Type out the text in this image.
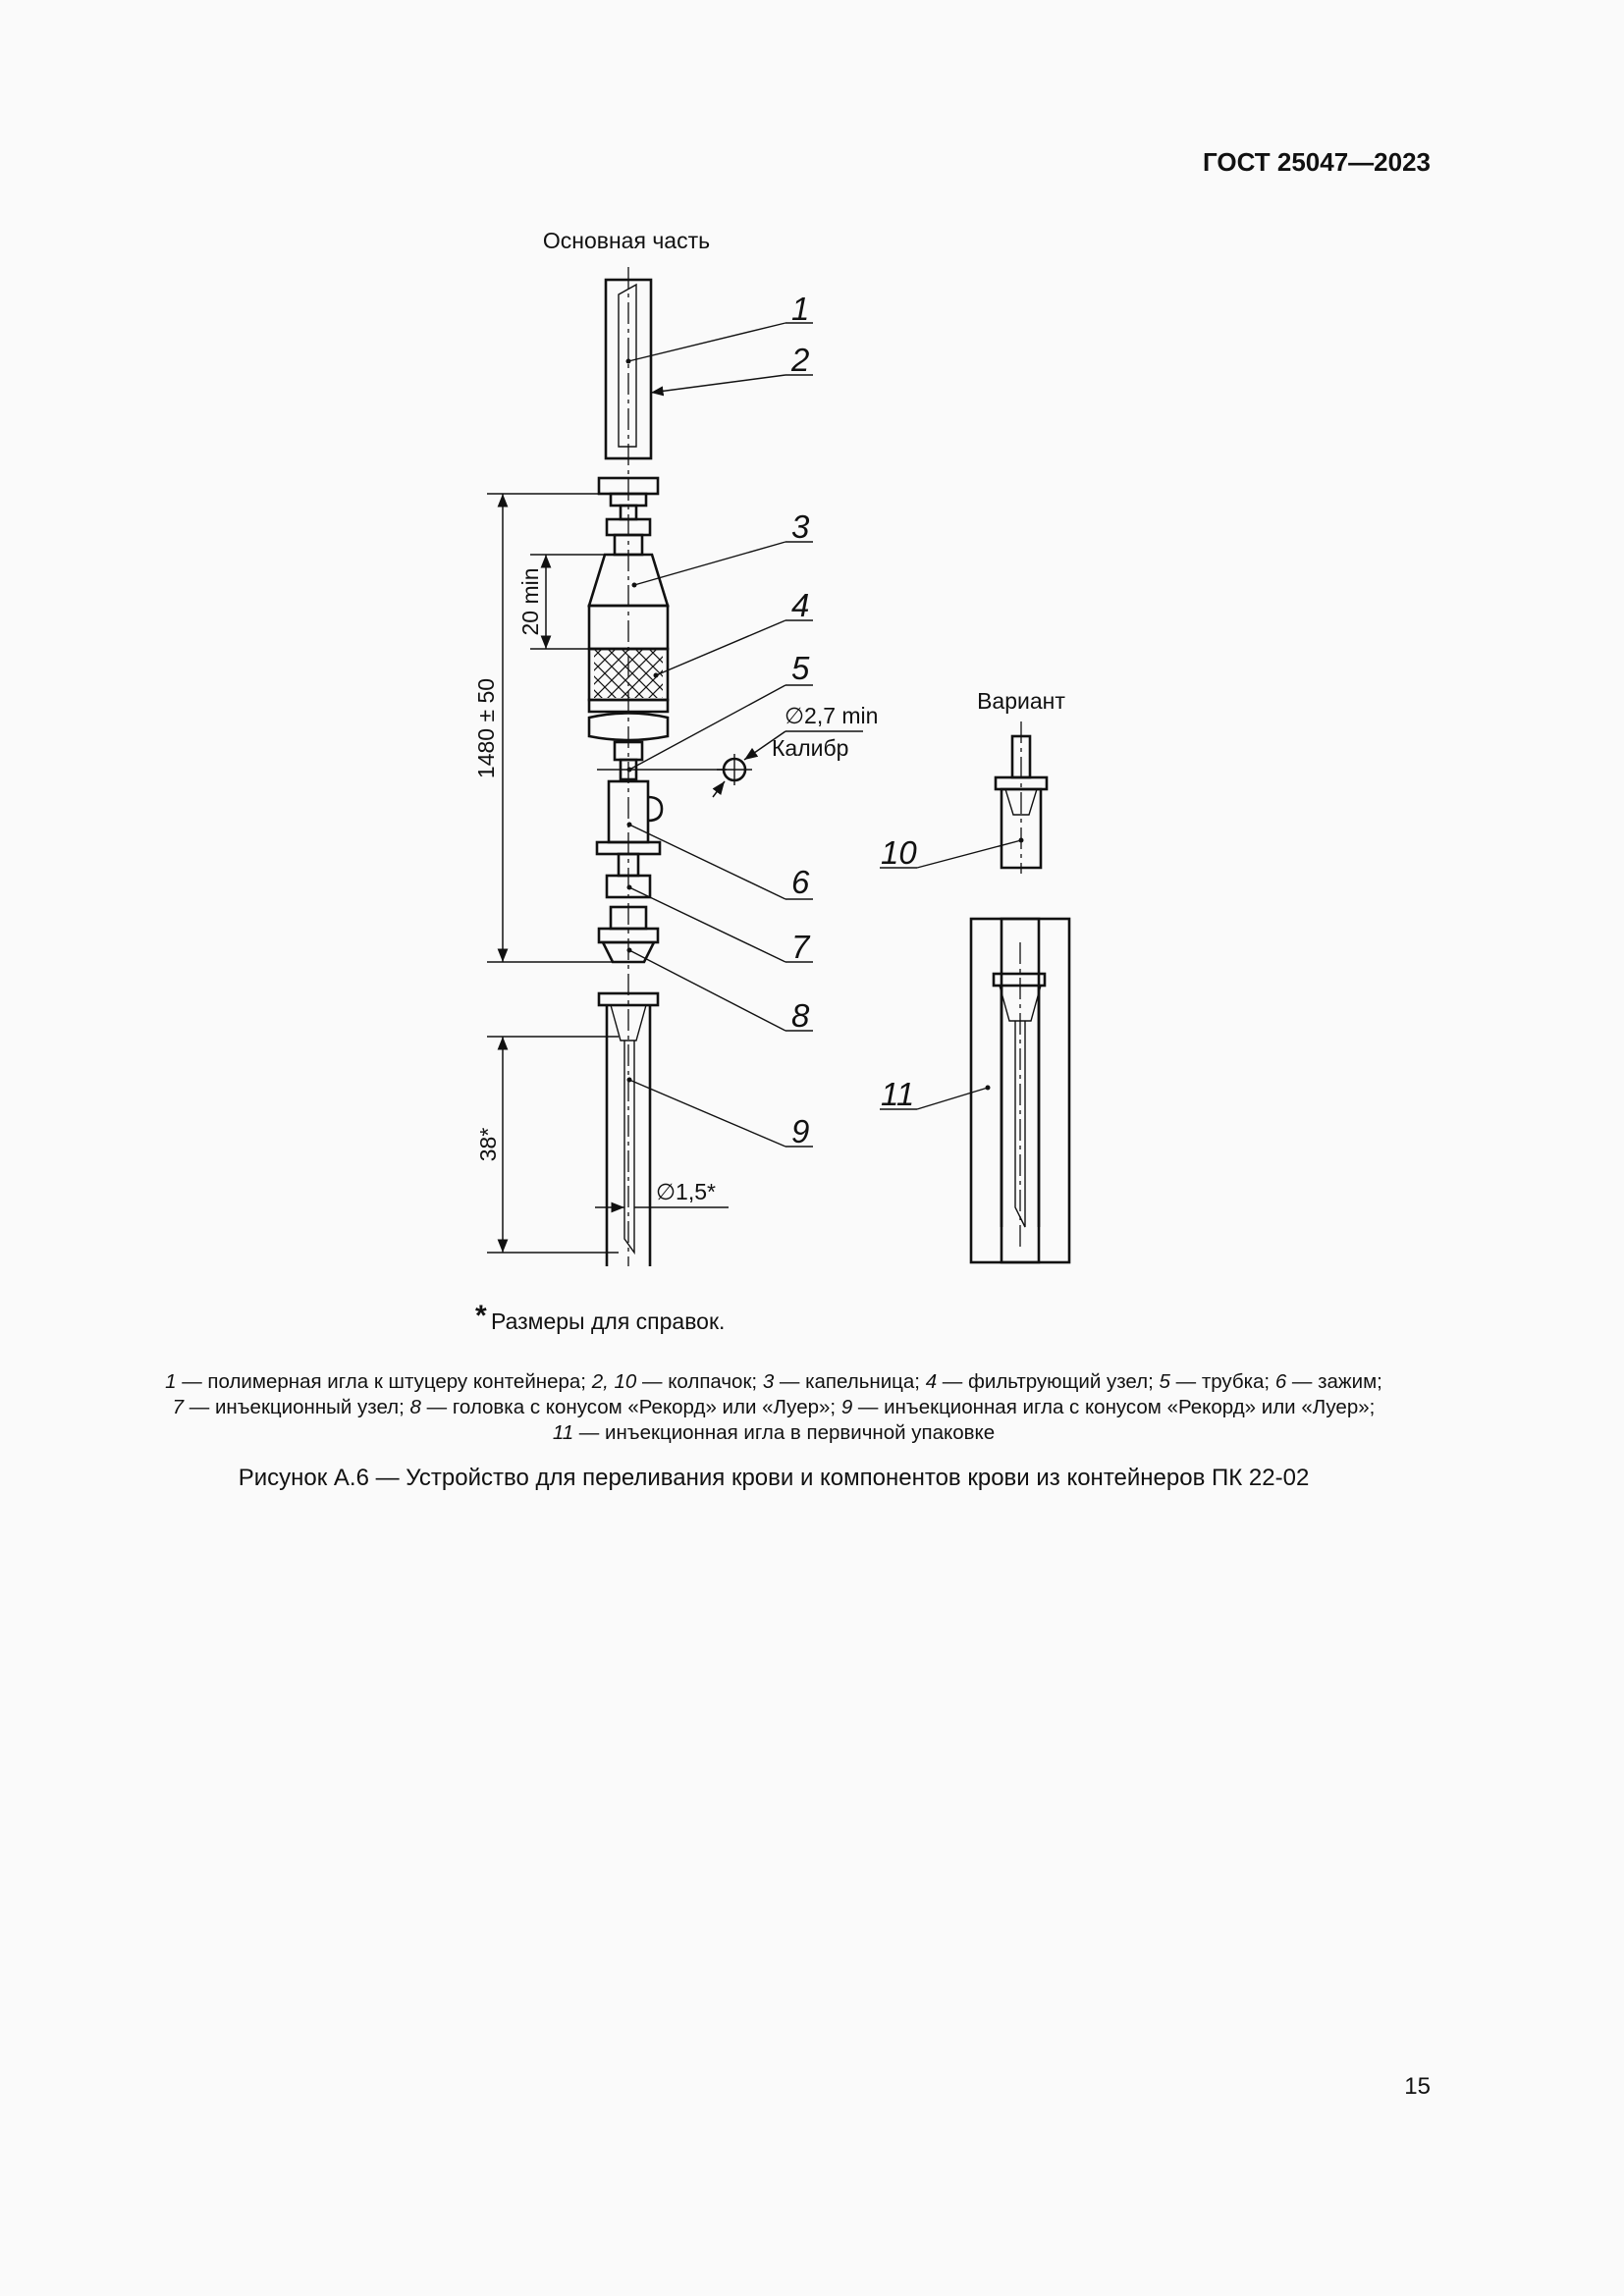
ГОСТ 25047—2023
Основная часть
Вариант
1480 ± 50
20 min
38*
∅1,5*
∅2,7 min
Калибр
1
2
3
4
5
6
7
8
9
10
11
* Размеры для справок.
1 — полимерная игла к штуцеру контейнера; 2, 10 — колпачок; 3 — капельница; 4 — фильтрующий узел; 5 — трубка; 6 — зажим;
7 — инъекционный узел; 8 — головка с конусом «Рекорд» или «Луер»; 9 — инъекционная игла с конусом «Рекорд» или «Луер»;
11 — инъекционная игла в первичной упаковке
Рисунок А.6 — Устройство для переливания крови и компонентов крови из контейнеров ПК 22-02
15
